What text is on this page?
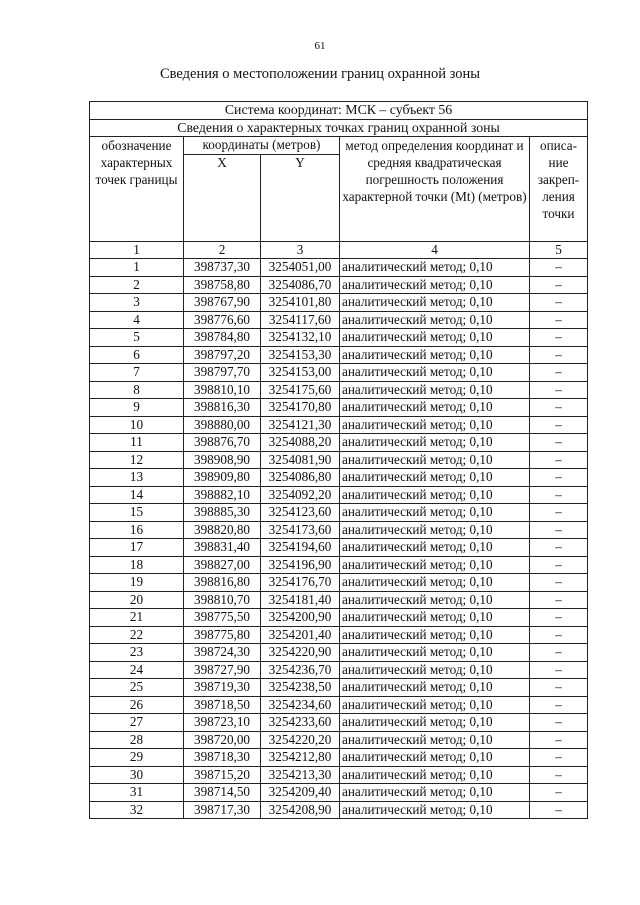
61
Сведения о местоположении границ охранной зоны
Система координат: МСК – субъект 56				
Сведения о характерных точках границ охранной зоны				
обозначение характерных точек границы	координаты (метров)		метод определения координат и средняя квадратическая погрешность положения характерной точки (Mt) (метров)	описа- ние закреп- ления точки
	X	Y		
1	2	3	4	5
1	398737,30	3254051,00	аналитический метод; 0,10	–
2	398758,80	3254086,70	аналитический метод; 0,10	–
3	398767,90	3254101,80	аналитический метод; 0,10	–
4	398776,60	3254117,60	аналитический метод; 0,10	–
5	398784,80	3254132,10	аналитический метод; 0,10	–
6	398797,20	3254153,30	аналитический метод; 0,10	–
7	398797,70	3254153,00	аналитический метод; 0,10	–
8	398810,10	3254175,60	аналитический метод; 0,10	–
9	398816,30	3254170,80	аналитический метод; 0,10	–
10	398880,00	3254121,30	аналитический метод; 0,10	–
11	398876,70	3254088,20	аналитический метод; 0,10	–
12	398908,90	3254081,90	аналитический метод; 0,10	–
13	398909,80	3254086,80	аналитический метод; 0,10	–
14	398882,10	3254092,20	аналитический метод; 0,10	–
15	398885,30	3254123,60	аналитический метод; 0,10	–
16	398820,80	3254173,60	аналитический метод; 0,10	–
17	398831,40	3254194,60	аналитический метод; 0,10	–
18	398827,00	3254196,90	аналитический метод; 0,10	–
19	398816,80	3254176,70	аналитический метод; 0,10	–
20	398810,70	3254181,40	аналитический метод; 0,10	–
21	398775,50	3254200,90	аналитический метод; 0,10	–
22	398775,80	3254201,40	аналитический метод; 0,10	–
23	398724,30	3254220,90	аналитический метод; 0,10	–
24	398727,90	3254236,70	аналитический метод; 0,10	–
25	398719,30	3254238,50	аналитический метод; 0,10	–
26	398718,50	3254234,60	аналитический метод; 0,10	–
27	398723,10	3254233,60	аналитический метод; 0,10	–
28	398720,00	3254220,20	аналитический метод; 0,10	–
29	398718,30	3254212,80	аналитический метод; 0,10	–
30	398715,20	3254213,30	аналитический метод; 0,10	–
31	398714,50	3254209,40	аналитический метод; 0,10	–
32	398717,30	3254208,90	аналитический метод; 0,10	–
